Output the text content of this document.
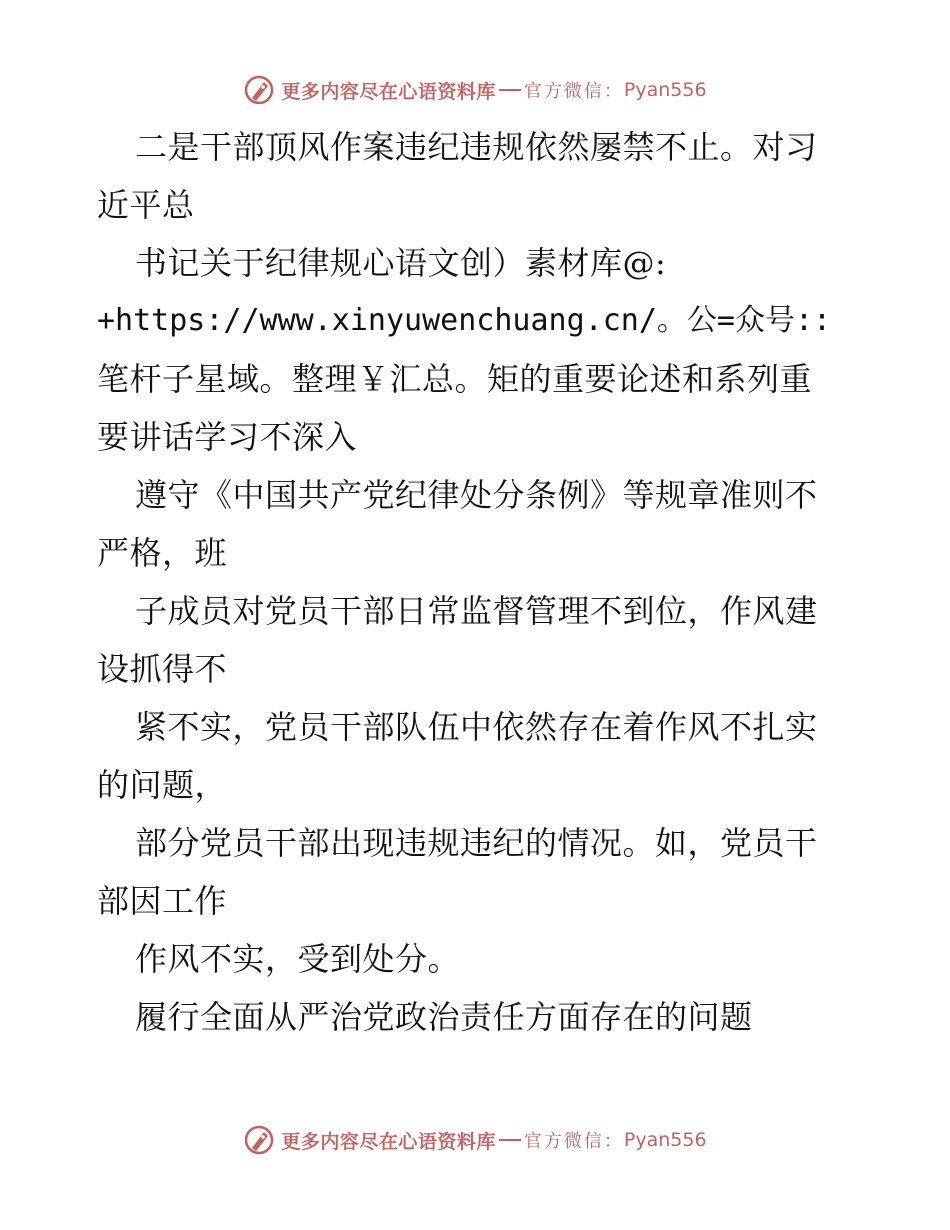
更多内容尽在心语资料库 官方微信： Pyan556
二是干部顶风作案违纪违规依然屡禁不止。对习
近平总
书记关于纪律规心语文创）素材库@:
+https://www.xinyuwenchuang.cn/。公=众号::
笔杆子星域。整理￥汇总。矩的重要论述和系列重
要讲话学习不深入
遵守《中国共产党纪律处分条例》等规章准则不
严格，班
子成员对党员干部日常监督管理不到位，作风建
设抓得不
紧不实，党员干部队伍中依然存在着作风不扎实
的问题，
部分党员干部出现违规违纪的情况。如，党员干
部因工作
作风不实，受到处分。
履行全面从严治党政治责任方面存在的问题
更多内容尽在心语资料库 官方微信： Pyan556
